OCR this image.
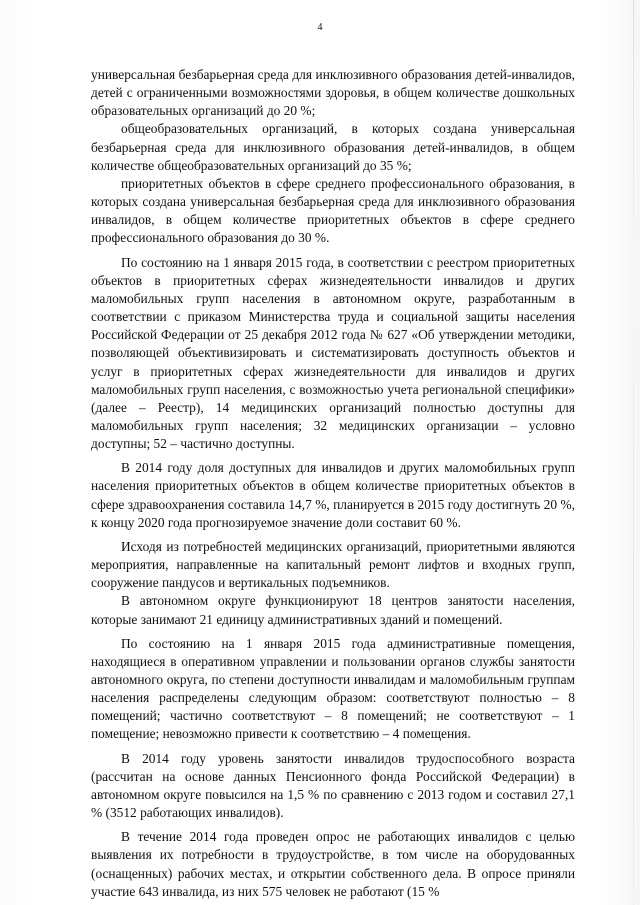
4

универсальная безбарьерная среда для инклюзивного образования детей-инвалидов, детей с ограниченными возможностями здоровья, в общем количестве дошкольных образовательных организаций до 20 %;

общеобразовательных организаций, в которых создана универсальная безбарьерная среда для инклюзивного образования детей-инвалидов, в общем количестве общеобразовательных организаций до 35 %;

приоритетных объектов в сфере среднего профессионального образования, в которых создана универсальная безбарьерная среда для инклюзивного образования инвалидов, в общем количестве приоритетных объектов в сфере среднего профессионального образования до 30 %.

По состоянию на 1 января 2015 года, в соответствии с реестром приоритетных объектов в приоритетных сферах жизнедеятельности инвалидов и других маломобильных групп населения в автономном округе, разработанным в соответствии с приказом Министерства труда и социальной защиты населения Российской Федерации от 25 декабря 2012 года № 627 «Об утверждении методики, позволяющей объективизировать и систематизировать доступность объектов и услуг в приоритетных сферах жизнедеятельности для инвалидов и других маломобильных групп населения, с возможностью учета региональной специфики» (далее – Реестр), 14 медицинских организаций полностью доступны для маломобильных групп населения; 32 медицинских организации – условно доступны; 52 – частично доступны.

В 2014 году доля доступных для инвалидов и других маломобильных групп населения приоритетных объектов в общем количестве приоритетных объектов в сфере здравоохранения составила 14,7 %, планируется в 2015 году достигнуть 20 %, к концу 2020 года прогнозируемое значение доли составит 60 %.

Исходя из потребностей медицинских организаций, приоритетными являются мероприятия, направленные на капитальный ремонт лифтов и входных групп, сооружение пандусов и вертикальных подъемников.

В автономном округе функционируют 18 центров занятости населения, которые занимают 21 единицу административных зданий и помещений.

По состоянию на 1 января 2015 года административные помещения, находящиеся в оперативном управлении и пользовании органов службы занятости автономного округа, по степени доступности инвалидам и маломобильным группам населения распределены следующим образом: соответствуют полностью – 8 помещений; частично соответствуют – 8 помещений; не соответствуют – 1 помещение; невозможно привести к соответствию – 4 помещения.

В 2014 году уровень занятости инвалидов трудоспособного возраста (рассчитан на основе данных Пенсионного фонда Российской Федерации) в автономном округе повысился на 1,5 % по сравнению с 2013 годом и составил 27,1 % (3512 работающих инвалидов).

В течение 2014 года проведен опрос не работающих инвалидов с целью выявления их потребности в трудоустройстве, в том числе на оборудованных (оснащенных) рабочих местах, и открытии собственного дела. В опросе приняли участие 643 инвалида, из них 575 человек не работают (15 %
